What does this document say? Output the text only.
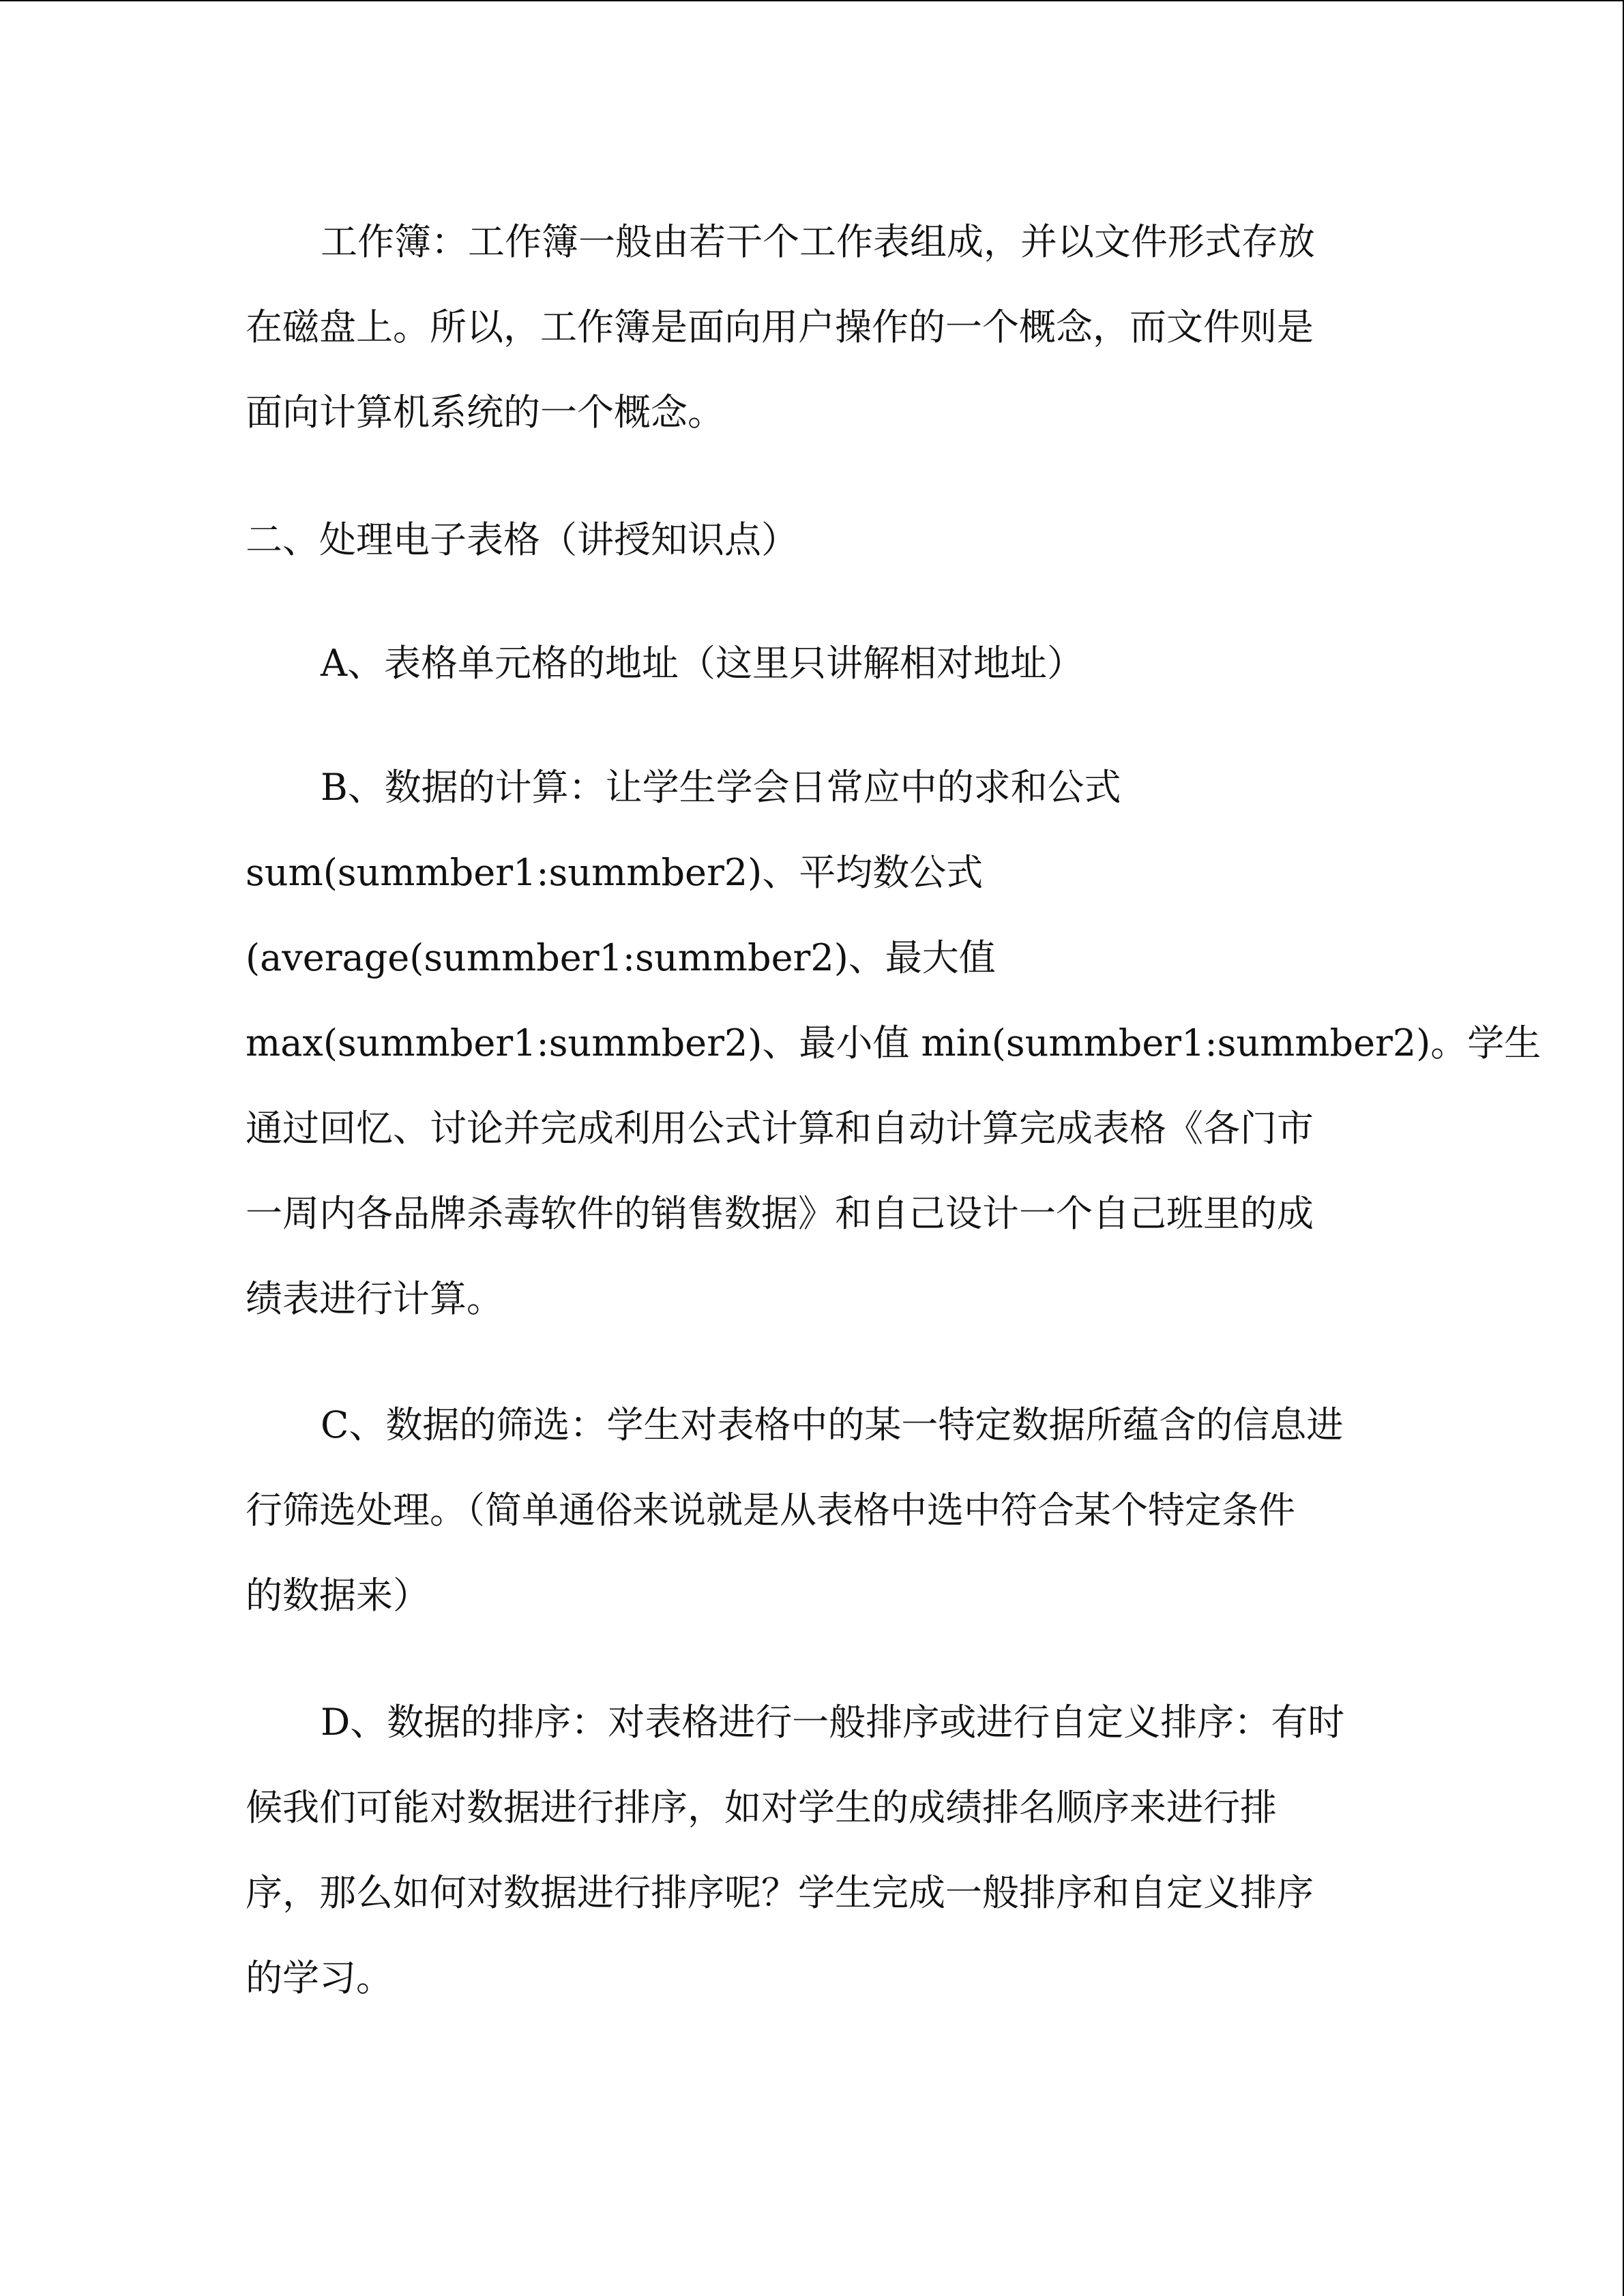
工作簿：工作簿一般由若干个工作表组成，并以文件形式存放
在磁盘上。所以，工作簿是面向用户操作的一个概念，而文件则是
面向计算机系统的一个概念。
二、处理电子表格（讲授知识点）
A、表格单元格的地址（这里只讲解相对地址）
B、数据的计算：让学生学会日常应中的求和公式
sum(summber1:summber2)、平均数公式
(average(summber1:summber2)、最大值
max(summber1:summber2)、最小值 min(summber1:summber2)。学生
通过回忆、讨论并完成利用公式计算和自动计算完成表格《各门市
一周内各品牌杀毒软件的销售数据》和自己设计一个自己班里的成
绩表进行计算。
C、数据的筛选：学生对表格中的某一特定数据所蕴含的信息进
行筛选处理。（简单通俗来说就是从表格中选中符合某个特定条件
的数据来）
D、数据的排序：对表格进行一般排序或进行自定义排序：有时
候我们可能对数据进行排序，如对学生的成绩排名顺序来进行排
序，那么如何对数据进行排序呢？学生完成一般排序和自定义排序
的学习。
